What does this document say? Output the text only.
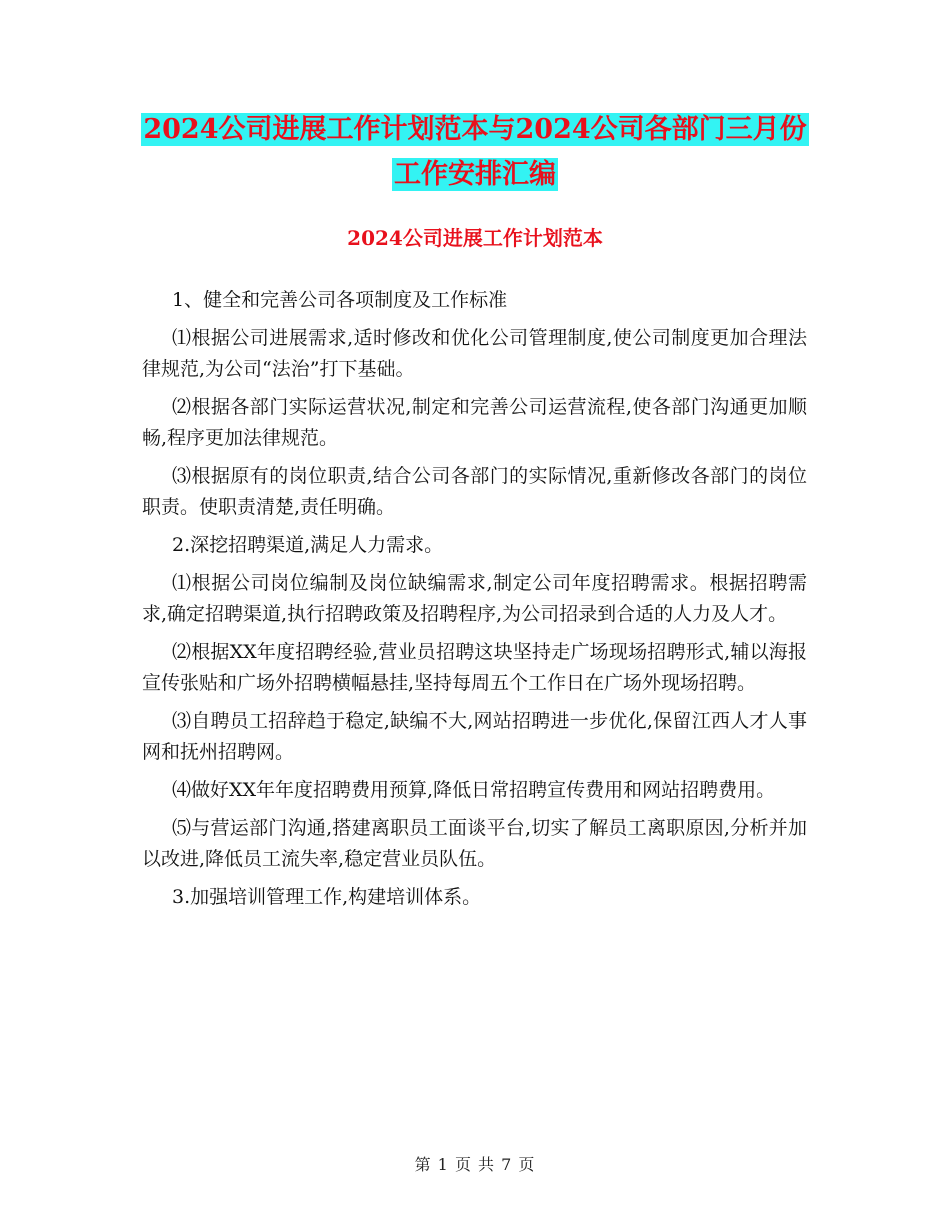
2024公司进展工作计划范本与2024公司各部门三月份
工作安排汇编
2024公司进展工作计划范本

1、健全和完善公司各项制度及工作标准

⑴根据公司进展需求,适时修改和优化公司管理制度,使公司制度更加合理法律规范,为公司“法治”打下基础。

⑵根据各部门实际运营状况,制定和完善公司运营流程,使各部门沟通更加顺畅,程序更加法律规范。

⑶根据原有的岗位职责,结合公司各部门的实际情况,重新修改各部门的岗位职责。使职责清楚,责任明确。

2.深挖招聘渠道,满足人力需求。

⑴根据公司岗位编制及岗位缺编需求,制定公司年度招聘需求。根据招聘需求,确定招聘渠道,执行招聘政策及招聘程序,为公司招录到合适的人力及人才。

⑵根据XX年度招聘经验,营业员招聘这块坚持走广场现场招聘形式,辅以海报宣传张贴和广场外招聘横幅悬挂,坚持每周五个工作日在广场外现场招聘。

⑶自聘员工招辞趋于稳定,缺编不大,网站招聘进一步优化,保留江西人才人事网和抚州招聘网。

⑷做好XX年年度招聘费用预算,降低日常招聘宣传费用和网站招聘费用。

⑸与营运部门沟通,搭建离职员工面谈平台,切实了解员工离职原因,分析并加以改进,降低员工流失率,稳定营业员队伍。

3.加强培训管理工作,构建培训体系。

第 1 页 共 7 页
